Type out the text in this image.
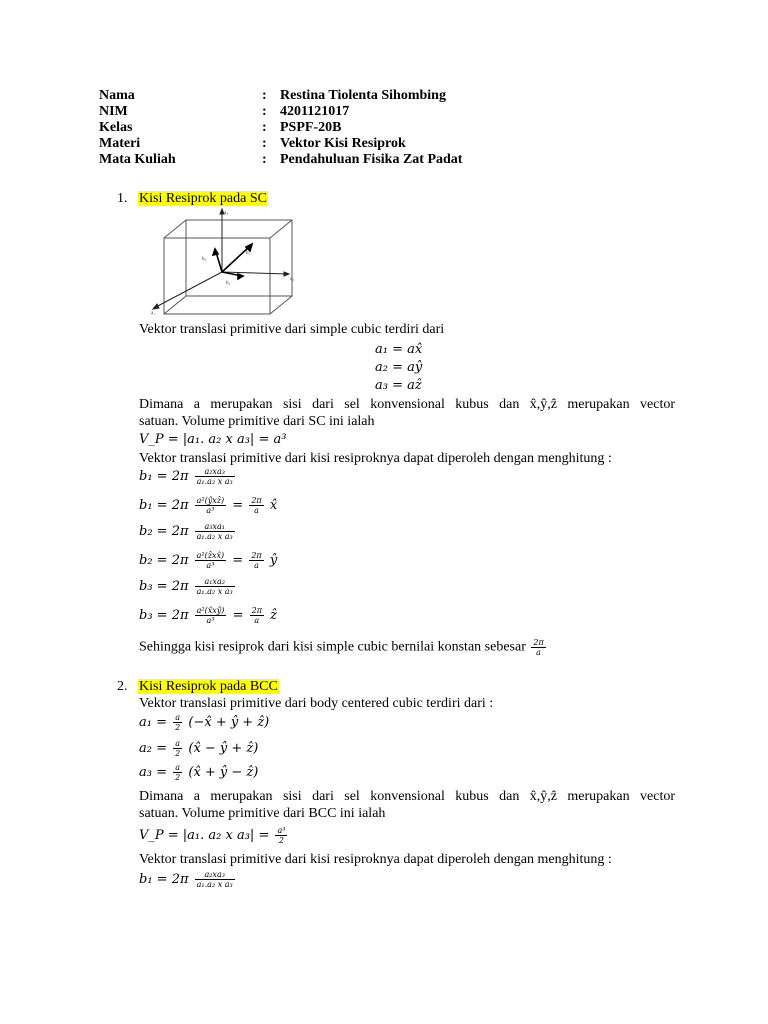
Nama	: Restina Tiolenta Sihombing
NIM	: 4201121017
Kelas	: PSPF-20B
Materi	: Vektor Kisi Resiprok
Mata Kuliah	: Pendahuluan Fisika Zat Padat
1. Kisi Resiprok pada SC
a₃
a₂
a₁
b₁
b₂
b₃
Vektor translasi primitive dari simple cubic terdiri dari
a₁ = ax̂
a₂ = aŷ
a₃ = aẑ
Dimana a merupakan sisi dari sel konvensional kubus dan x̂,ŷ,ẑ merupakan vector
satuan. Volume primitive dari SC ini ialah
V_P = |a₁. a₂ x a₃| = a³
Vektor translasi primitive dari kisi resiproknya dapat diperoleh dengan menghitung :
$b_1 = 2\pi \frac{\text{a₂xa₃}}{\text{a₁.a₂ x a₃}}$
$b_1 = 2\pi \frac{\text{a²(ŷxẑ)}}{\text{a³}} = \frac{2\pi}{a}$ x̂
$b_2 = 2\pi \frac{\text{a₃xa₁}}{\text{a₁.a₂ x a₃}}$
$b_2 = 2\pi \frac{\text{a²(ẑxx̂)}}{\text{a³}} = \frac{2\pi}{a}$ ŷ
$b_3 = 2\pi \frac{\text{a₁xa₂}}{\text{a₁.a₂ x a₃}}$
$b_3 = 2\pi \frac{\text{a²(x̂xŷ)}}{\text{a³}} = \frac{2\pi}{a}$ ẑ
Sehingga kisi resiprok dari kisi simple cubic bernilai konstan sebesar $\frac{2\pi}{a}$
2. Kisi Resiprok pada BCC
Vektor translasi primitive dari body centered cubic terdiri dari :
$a_1 = \frac{a}{2}$ (−x̂ + ŷ + ẑ)
$a_2 = \frac{a}{2}$ (x̂ − ŷ + ẑ)
$a_3 = \frac{a}{2}$ (x̂ + ŷ − ẑ)
Dimana a merupakan sisi dari sel konvensional kubus dan x̂,ŷ,ẑ merupakan vector
satuan. Volume primitive dari BCC ini ialah
V_P = |a₁. a₂ x $a_3| = \frac{\text{a³}}{2}$
Vektor translasi primitive dari kisi resiproknya dapat diperoleh dengan menghitung :
$b_1 = 2\pi \frac{\text{a₂xa₃}}{\text{a₁.a₂ x a₃}}$
